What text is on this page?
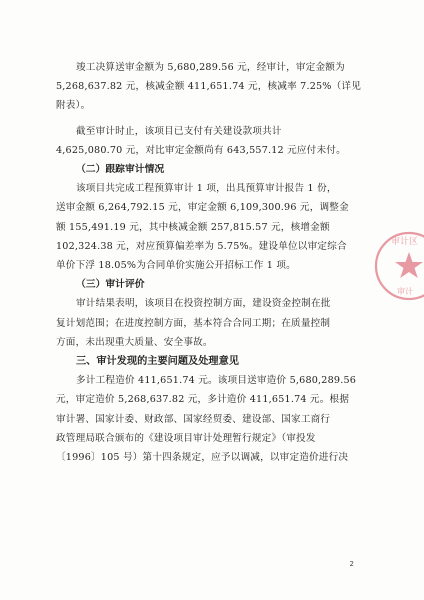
竣工决算送审金额为 5,680,289.56 元，经审计，审定金额为
5,268,637.82 元，核减金额 411,651.74 元，核减率 7.25%（详见
附表）。
截至审计时止，该项目已支付有关建设款项共计
4,625,080.70 元，对比审定金额尚有 643,557.12 元应付未付。
（二）跟踪审计情况
该项目共完成工程预算审计 1 项，出具预算审计报告 1 份，
送审金额 6,264,792.15 元，审定金额 6,109,300.96 元，调整金
额 155,491.19 元，其中核减金额 257,815.57 元，核增金额
102,324.38 元，对应预算偏差率为 5.75%。建设单位以审定综合
单价下浮 18.05%为合同单价实施公开招标工作 1 项。
（三）审计评价
审计结果表明，该项目在投资控制方面，建设资金控制在批
复计划范围；在进度控制方面，基本符合合同工期；在质量控制
方面，未出现重大质量、安全事故。
三、审计发现的主要问题及处理意见
多计工程造价 411,651.74 元。该项目送审造价 5,680,289.56
元，审定造价 5,268,637.82 元，多计造价 411,651.74 元。根据
审计署、国家计委、财政部、国家经贸委、建设部、国家工商行
政管理局联合颁布的《建设项目审计处理暂行规定》（审投发
〔1996〕105 号）第十四条规定，应予以调减，以审定造价进行决
审计区
审计
2
